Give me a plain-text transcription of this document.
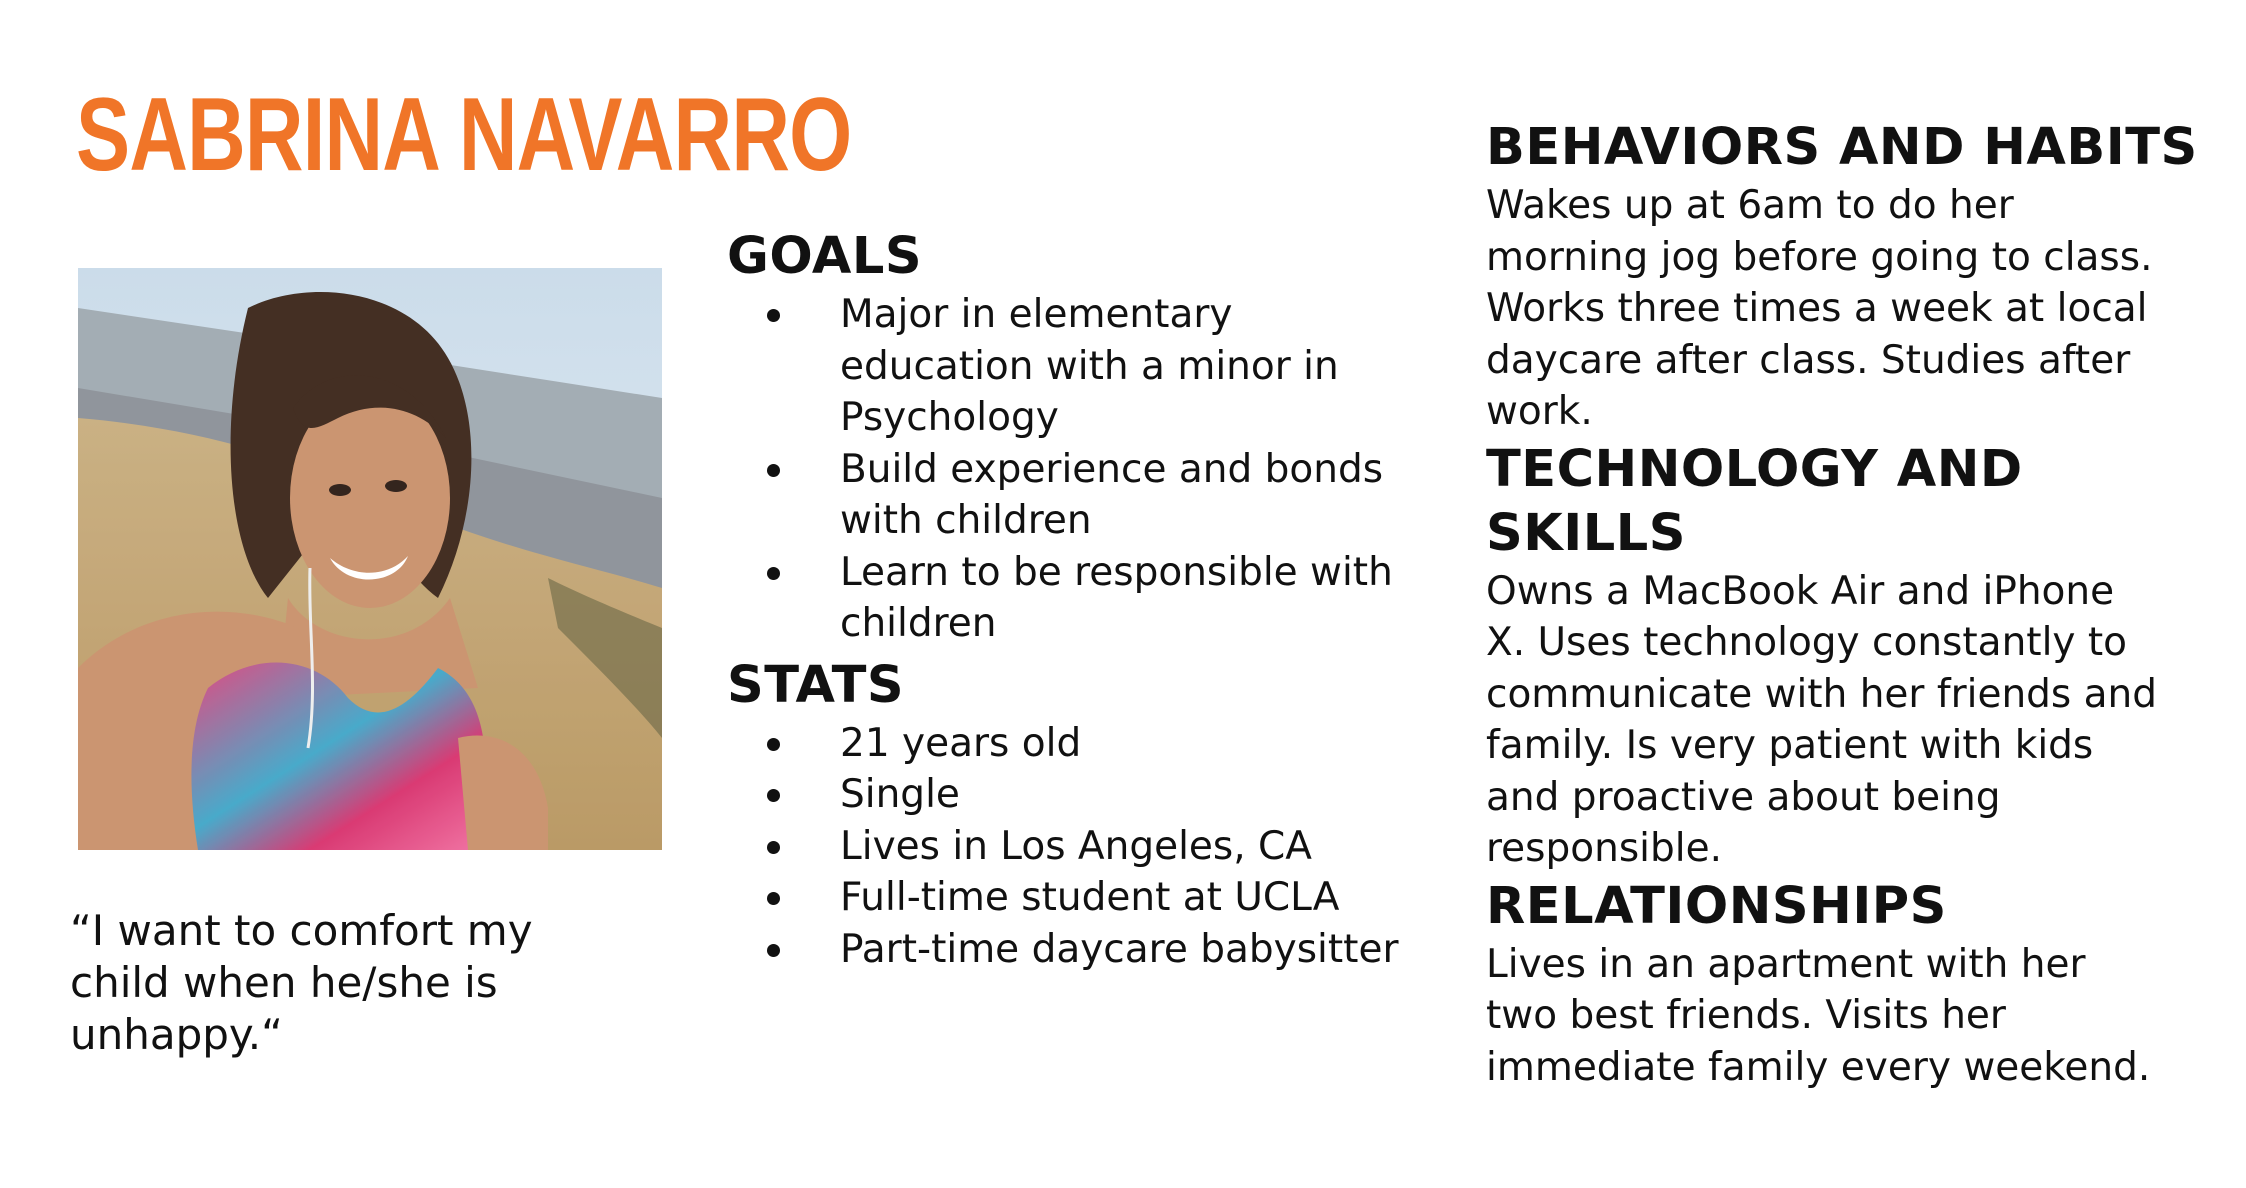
SABRINA NAVARRO

“I want to comfort my
child when he/she is
unhappy.“

GOALS
Major in elementary education with a minor in Psychology
Build experience and bonds with children
Learn to be responsible with children
STATS
21 years old
Single
Lives in Los Angeles, CA
Full-time student at UCLA
Part-time daycare babysitter
BEHAVIORS AND HABITS

Wakes up at 6am to do her
morning jog before going to class.
Works three times a week at local
daycare after class. Studies after
work.

TECHNOLOGY AND
SKILLS

Owns a MacBook Air and iPhone
X. Uses technology constantly to
communicate with her friends and
family. Is very patient with kids
and proactive about being
responsible.

RELATIONSHIPS

Lives in an apartment with her
two best friends. Visits her
immediate family every weekend.
